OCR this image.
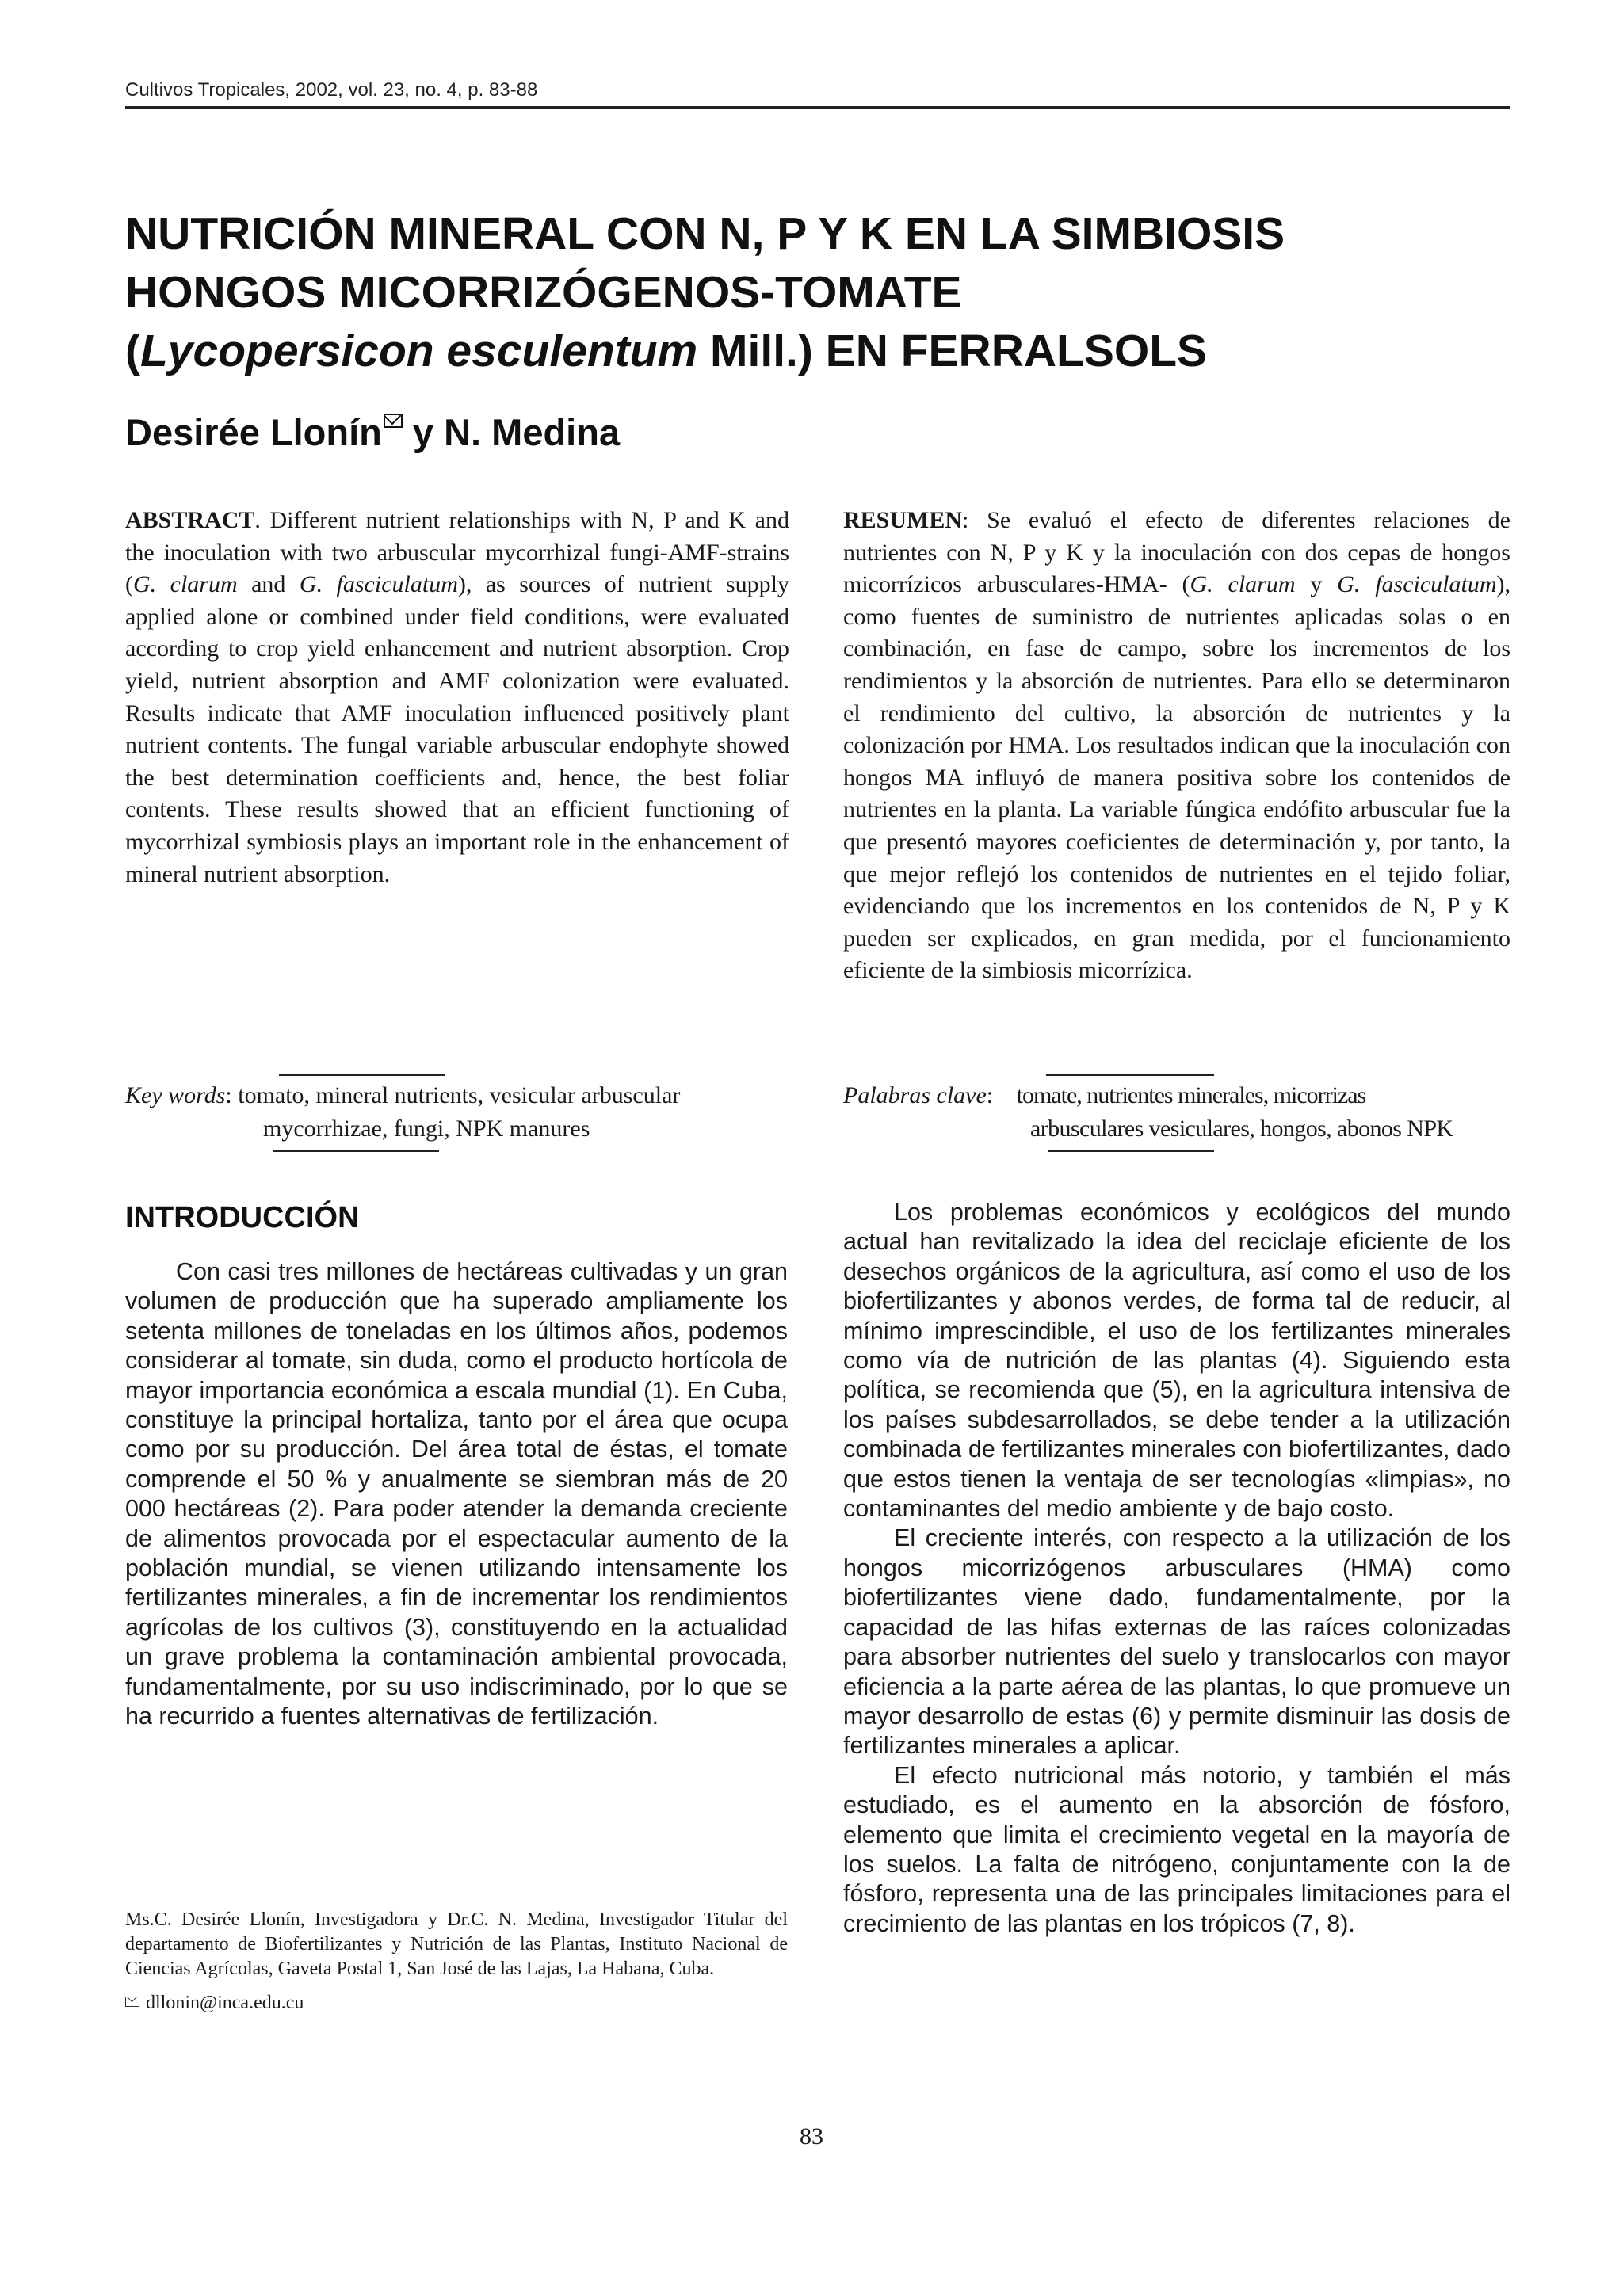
Cultivos Tropicales, 2002, vol. 23, no. 4, p. 83-88
NUTRICIÓN MINERAL CON N, P Y K EN LA SIMBIOSIS
HONGOS MICORRIZÓGENOS-TOMATE
(Lycopersicon esculentum Mill.) EN FERRALSOLS
Desirée Llonín y N. Medina
ABSTRACT. Different nutrient relationships with N, P and K and the inoculation with two arbuscular mycorrhizal fungi-AMF-strains (G. clarum and G. fasciculatum), as sources of nutrient supply applied alone or combined under field conditions, were evaluated according to crop yield enhancement and nutrient absorption. Crop yield, nutrient absorption and AMF colonization were evaluated. Results indicate that AMF inoculation influenced positively plant nutrient contents. The fungal variable arbuscular endophyte showed the best determination coefficients and, hence, the best foliar contents. These results showed that an efficient functioning of mycorrhizal symbiosis plays an important role in the enhancement of mineral nutrient absorption.
RESUMEN: Se evaluó el efecto de diferentes relaciones de nutrientes con N, P y K y la inoculación con dos cepas de hongos micorrízicos arbusculares-HMA- (G. clarum y G. fasciculatum), como fuentes de suministro de nutrientes aplicadas solas o en combinación, en fase de campo, sobre los incrementos de los rendimientos y la absorción de nutrientes. Para ello se determinaron el rendimiento del cultivo, la absorción de nutrientes y la colonización por HMA. Los resultados indican que la inoculación con hongos MA influyó de manera positiva sobre los contenidos de nutrientes en la planta. La variable fúngica endófito arbuscular fue la que presentó mayores coeficientes de determinación y, por tanto, la que mejor reflejó los contenidos de nutrientes en el tejido foliar, evidenciando que los incrementos en los contenidos de N, P y K pueden ser explicados, en gran medida, por el funcionamiento eficiente de la simbiosis micorrízica.
Key words: tomato, mineral nutrients, vesicular arbuscular
mycorrhizae, fungi, NPK manures
Palabras clave: tomate, nutrientes minerales, micorrizas
arbusculares vesiculares, hongos, abonos NPK
INTRODUCCIÓN

Con casi tres millones de hectáreas cultivadas y un gran volumen de producción que ha superado ampliamente los setenta millones de toneladas en los últimos años, podemos considerar al tomate, sin duda, como el producto hortícola de mayor importancia económica a escala mundial (1). En Cuba, constituye la principal hortaliza, tanto por el área que ocupa como por su producción. Del área total de éstas, el tomate comprende el 50 % y anualmente se siembran más de 20 000 hectáreas (2). Para poder atender la demanda creciente de alimentos provocada por el espectacular aumento de la población mundial, se vienen utilizando intensamente los fertilizantes minerales, a fin de incrementar los rendimientos agrícolas de los cultivos (3), constituyendo en la actualidad un grave problema la contaminación ambiental provocada, fundamentalmente, por su uso indiscriminado, por lo que se ha recurrido a fuentes alternativas de fertilización.

Los problemas económicos y ecológicos del mundo actual han revitalizado la idea del reciclaje eficiente de los desechos orgánicos de la agricultura, así como el uso de los biofertilizantes y abonos verdes, de forma tal de reducir, al mínimo imprescindible, el uso de los fertilizantes minerales como vía de nutrición de las plantas (4). Siguiendo esta política, se recomienda que (5), en la agricultura intensiva de los países subdesarrollados, se debe tender a la utilización combinada de fertilizantes minerales con biofertilizantes, dado que estos tienen la ventaja de ser tecnologías «limpias», no contaminantes del medio ambiente y de bajo costo.

El creciente interés, con respecto a la utilización de los hongos micorrizógenos arbusculares (HMA) como biofertilizantes viene dado, fundamentalmente, por la capacidad de las hifas externas de las raíces colonizadas para absorber nutrientes del suelo y translocarlos con mayor eficiencia a la parte aérea de las plantas, lo que promueve un mayor desarrollo de estas (6) y permite disminuir las dosis de fertilizantes minerales a aplicar.

El efecto nutricional más notorio, y también el más estudiado, es el aumento en la absorción de fósforo, elemento que limita el crecimiento vegetal en la mayoría de los suelos. La falta de nitrógeno, conjuntamente con la de fósforo, representa una de las principales limitaciones para el crecimiento de las plantas en los trópicos (7, 8).

Ms.C. Desirée Llonín, Investigadora y Dr.C. N. Medina, Investigador Titular del departamento de Biofertilizantes y Nutrición de las Plantas, Instituto Nacional de Ciencias Agrícolas, Gaveta Postal 1, San José de las Lajas, La Habana, Cuba.

dllonin@inca.edu.cu

83
